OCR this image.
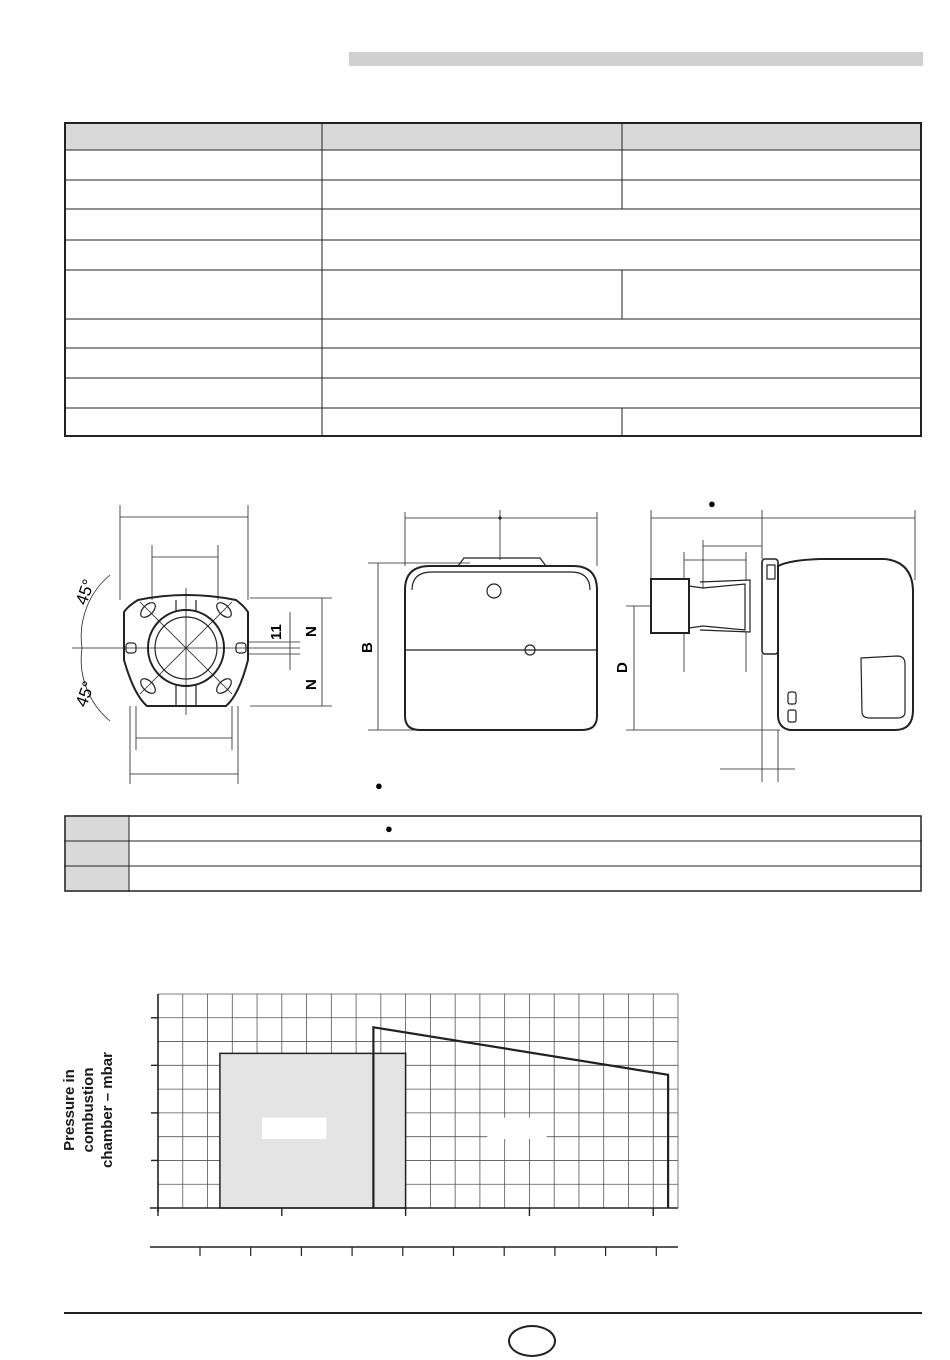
45°
45°
11 N
N
B
●
D
●
●
Pressure in combustion chamber – mbar
